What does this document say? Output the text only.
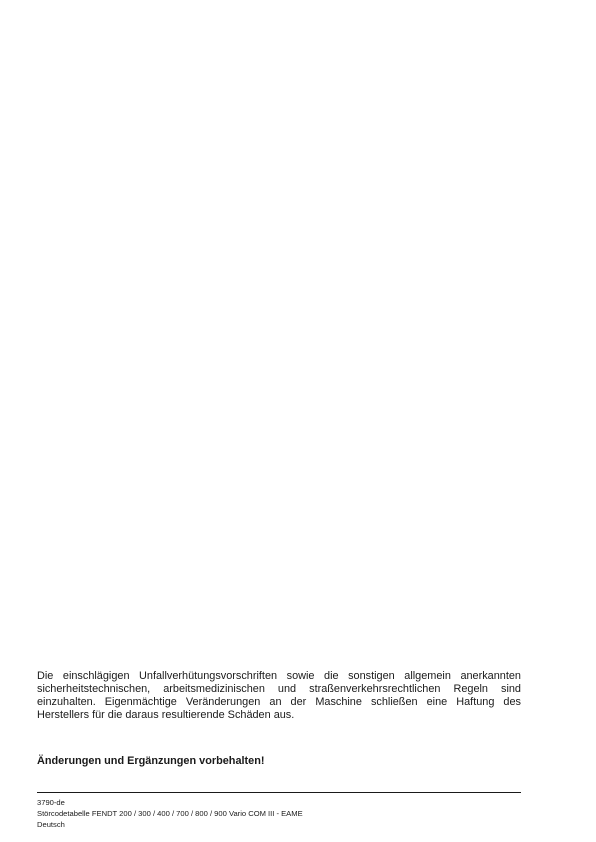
Die einschlägigen Unfallverhütungsvorschriften sowie die sonstigen allgemein anerkannten sicherheitstechnischen, arbeitsmedizinischen und straßenverkehrsrechtlichen Regeln sind einzuhalten. Eigenmächtige Veränderungen an der Maschine schließen eine Haftung des Herstellers für die daraus resultierende Schäden aus.

Änderungen und Ergänzungen vorbehalten!

3790-de
Störcodetabelle FENDT 200 / 300 / 400 / 700 / 800 / 900 Vario COM III - EAME
Deutsch
